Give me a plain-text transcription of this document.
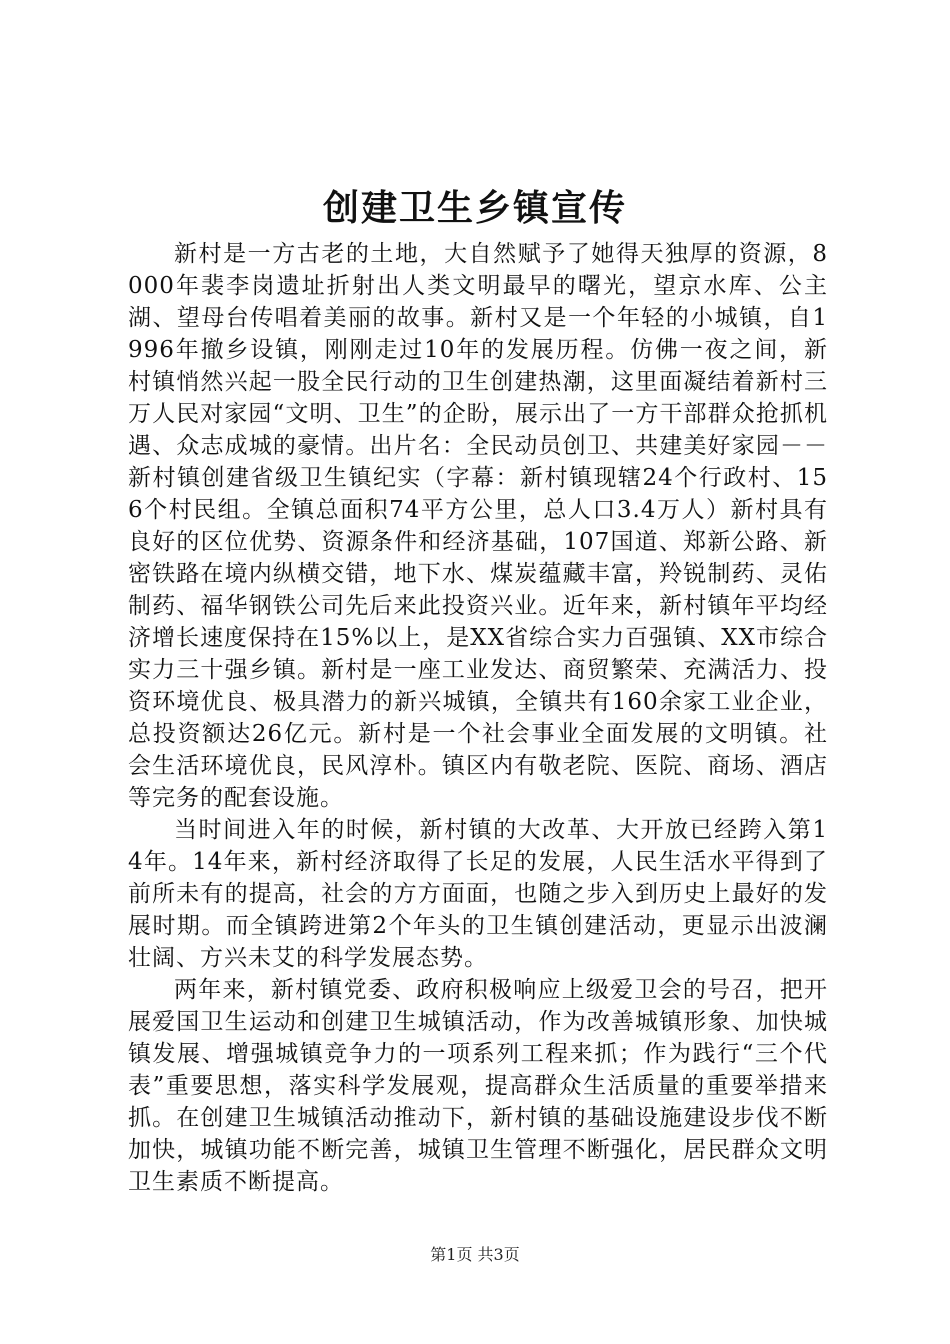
创建卫生乡镇宣传

新村是一方古老的土地，大自然赋予了她得天独厚的资源，8000年裴李岗遗址折射出人类文明最早的曙光，望京水库、公主湖、望母台传唱着美丽的故事。新村又是一个年轻的小城镇，自1996年撤乡设镇，刚刚走过10年的发展历程。仿佛一夜之间，新村镇悄然兴起一股全民行动的卫生创建热潮，这里面凝结着新村三万人民对家园“文明、卫生”的企盼，展示出了一方干部群众抢抓机遇、众志成城的豪情。出片名：全民动员创卫、共建美好家园－－新村镇创建省级卫生镇纪实（字幕：新村镇现辖24个行政村、156个村民组。全镇总面积74平方公里，总人口3.4万人）新村具有良好的区位优势、资源条件和经济基础，107国道、郑新公路、新密铁路在境内纵横交错，地下水、煤炭蕴藏丰富，羚锐制药、灵佑制药、福华钢铁公司先后来此投资兴业。近年来，新村镇年平均经济增长速度保持在15%以上，是XX省综合实力百强镇、XX市综合实力三十强乡镇。新村是一座工业发达、商贸繁荣、充满活力、投资环境优良、极具潜力的新兴城镇，全镇共有160余家工业企业，总投资额达26亿元。新村是一个社会事业全面发展的文明镇。社会生活环境优良，民风淳朴。镇区内有敬老院、医院、商场、酒店等完务的配套设施。

当时间进入年的时候，新村镇的大改革、大开放已经跨入第14年。14年来，新村经济取得了长足的发展，人民生活水平得到了前所未有的提高，社会的方方面面，也随之步入到历史上最好的发展时期。而全镇跨进第2个年头的卫生镇创建活动，更显示出波澜壮阔、方兴未艾的科学发展态势。

两年来，新村镇党委、政府积极响应上级爱卫会的号召，把开展爱国卫生运动和创建卫生城镇活动，作为改善城镇形象、加快城镇发展、增强城镇竞争力的一项系列工程来抓；作为践行“三个代表”重要思想，落实科学发展观，提高群众生活质量的重要举措来抓。在创建卫生城镇活动推动下，新村镇的基础设施建设步伐不断加快，城镇功能不断完善，城镇卫生管理不断强化，居民群众文明卫生素质不断提高。

第1页 共3页
